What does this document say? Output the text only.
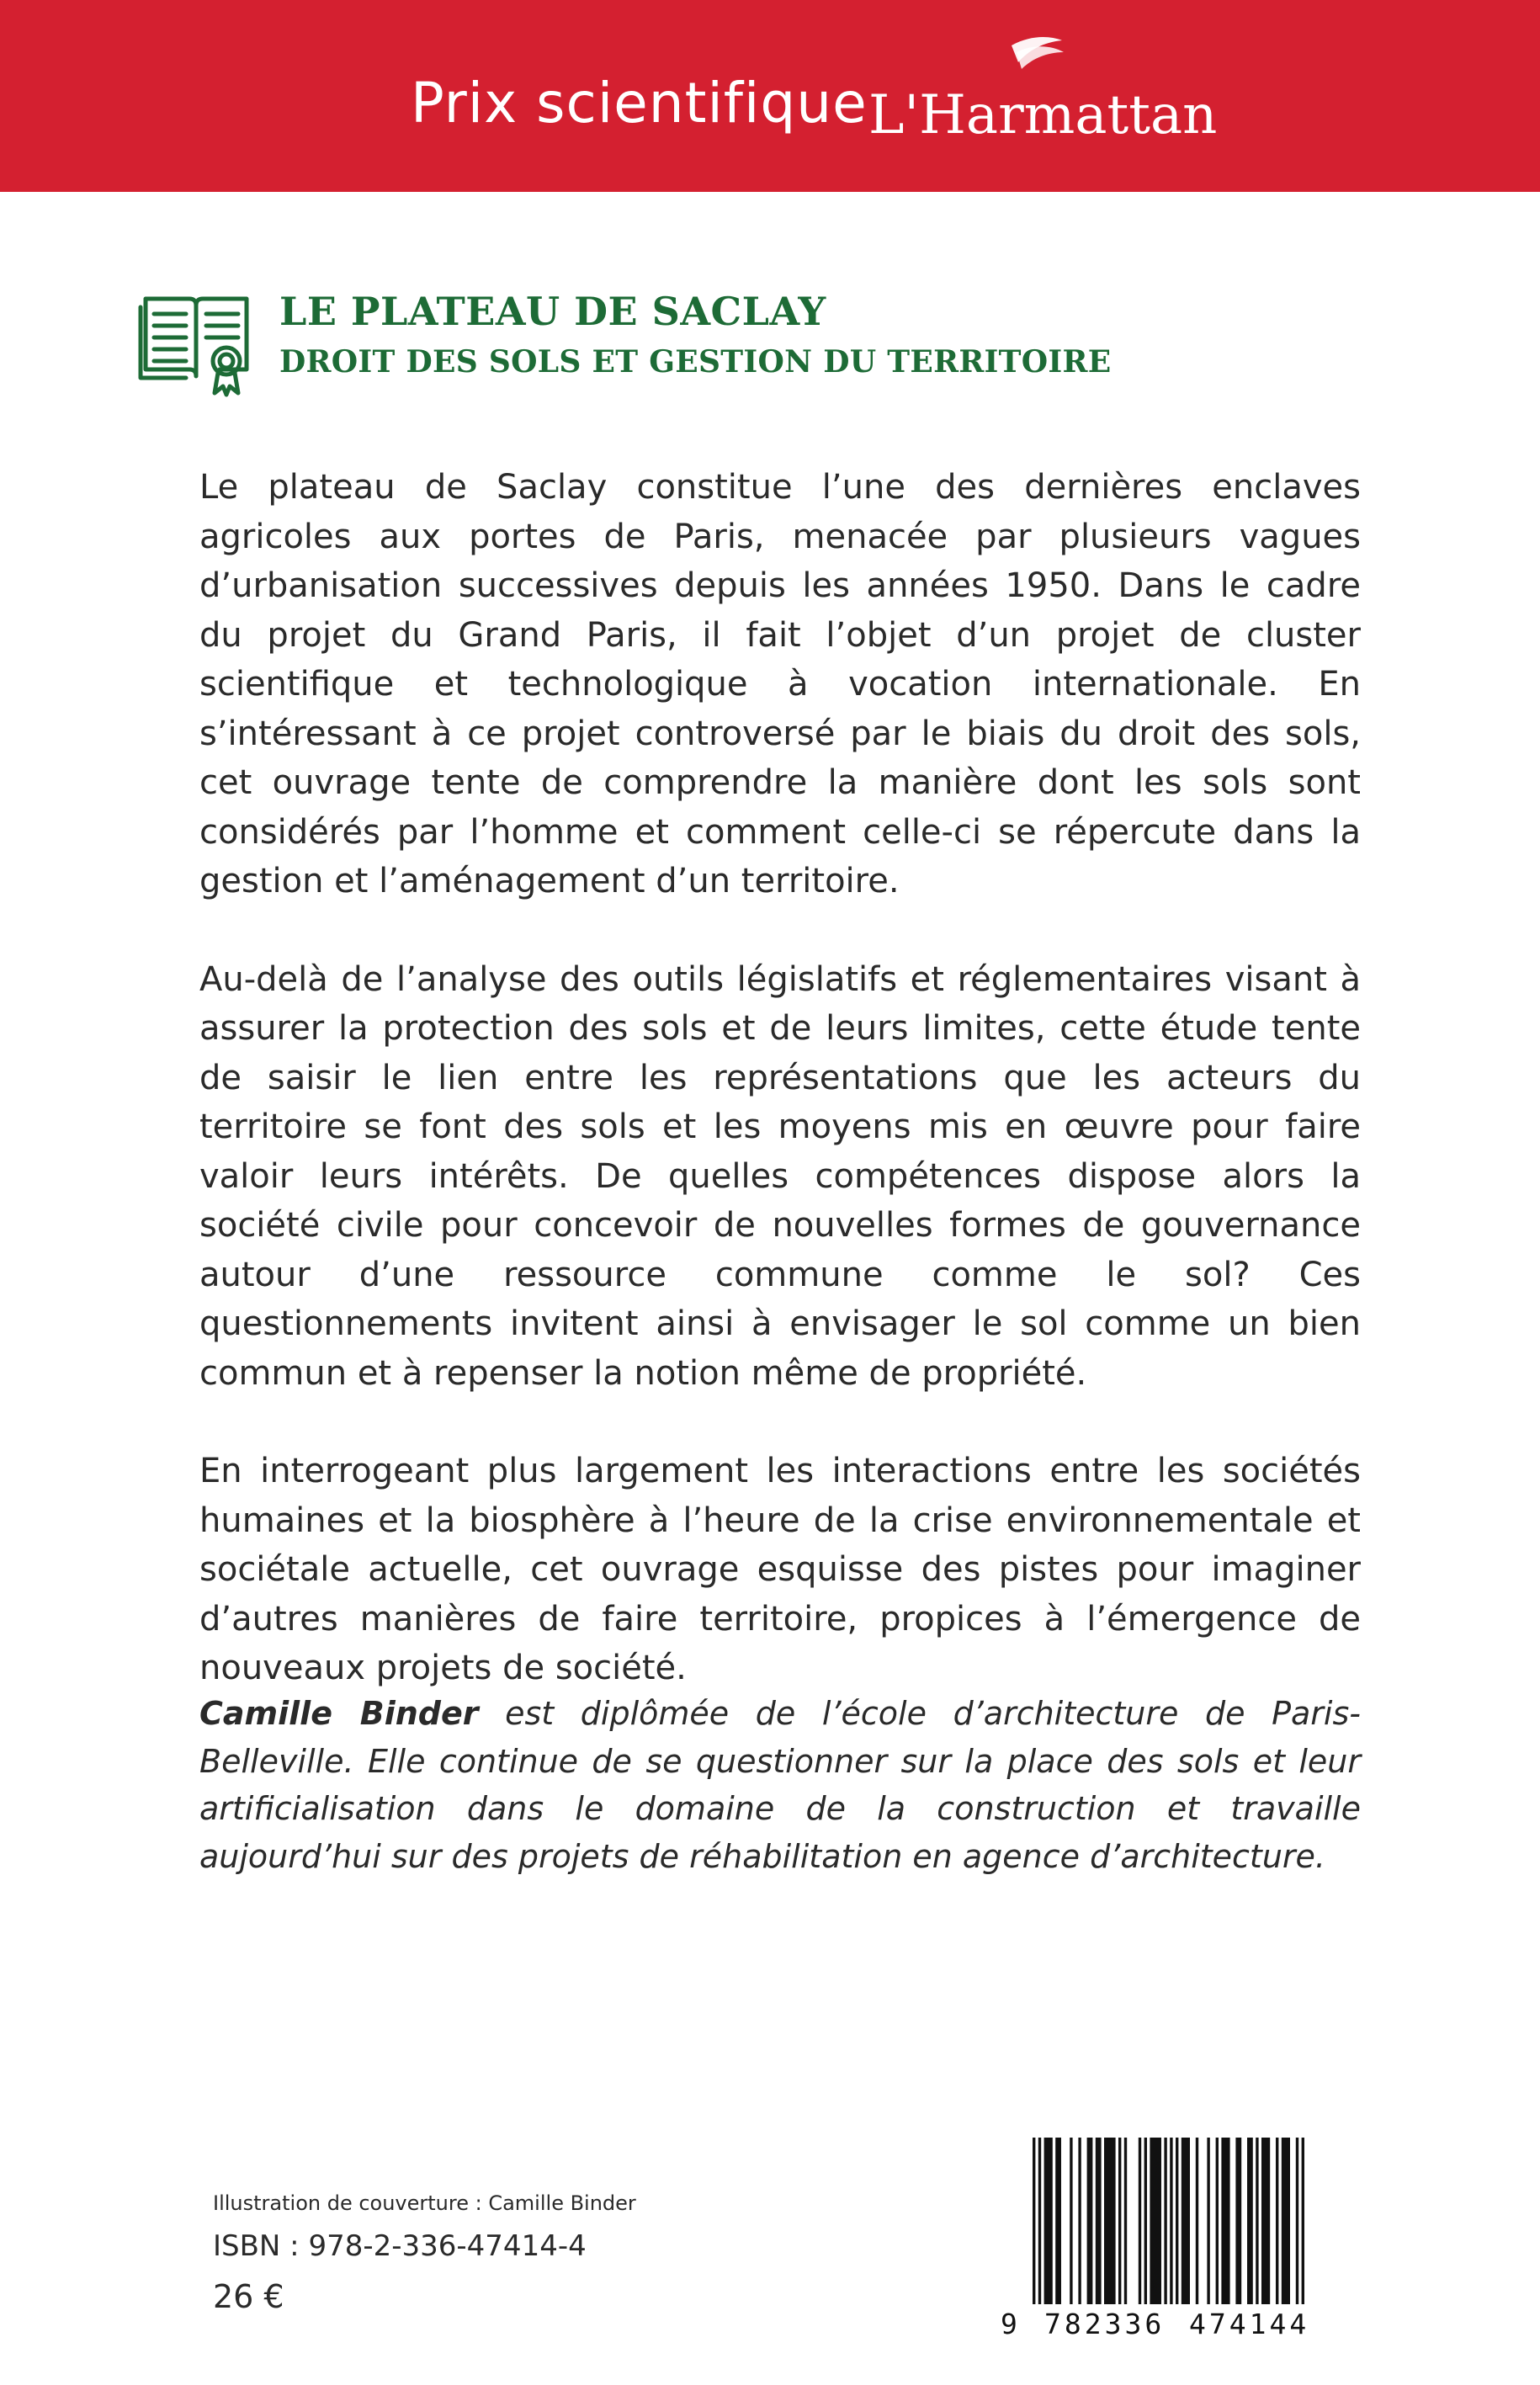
Prix scientifique L'Harmattan
LE PLATEAU DE SACLAY
DROIT DES SOLS ET GESTION DU TERRITOIRE

Le plateau de Saclay constitue l’une des dernières enclaves agricoles aux portes de Paris, menacée par plusieurs vagues d’urbanisation successives depuis les années 1950. Dans le cadre du projet du Grand Paris, il fait l’objet d’un projet de cluster scientifique et technologique à vocation internationale. En s’intéressant à ce projet controversé par le biais du droit des sols, cet ouvrage tente de comprendre la manière dont les sols sont considérés par l’homme et comment celle-ci se répercute dans la gestion et l’aménagement d’un territoire.

Au-delà de l’analyse des outils législatifs et réglementaires visant à assurer la protection des sols et de leurs limites, cette étude tente de saisir le lien entre les représentations que les acteurs du territoire se font des sols et les moyens mis en œuvre pour faire valoir leurs intérêts. De quelles compétences dispose alors la société civile pour concevoir de nouvelles formes de gouvernance autour d’une ressource commune comme le sol? Ces questionnements invitent ainsi à envisager le sol comme un bien commun et à repenser la notion même de propriété.

En interrogeant plus largement les interactions entre les sociétés humaines et la biosphère à l’heure de la crise environnementale et sociétale actuelle, cet ouvrage esquisse des pistes pour imaginer d’autres manières de faire territoire, propices à l’émergence de nouveaux projets de société.

Camille Binder est diplômée de l’école d’architecture de Paris-Belleville. Elle continue de se questionner sur la place des sols et leur artificialisation dans le domaine de la construction et travaille aujourd’hui sur des projets de réhabilitation en agence d’architecture.
Illustration de couverture : Camille Binder
ISBN : 978-2-336-47414-4
26 €
9 782336 474144
